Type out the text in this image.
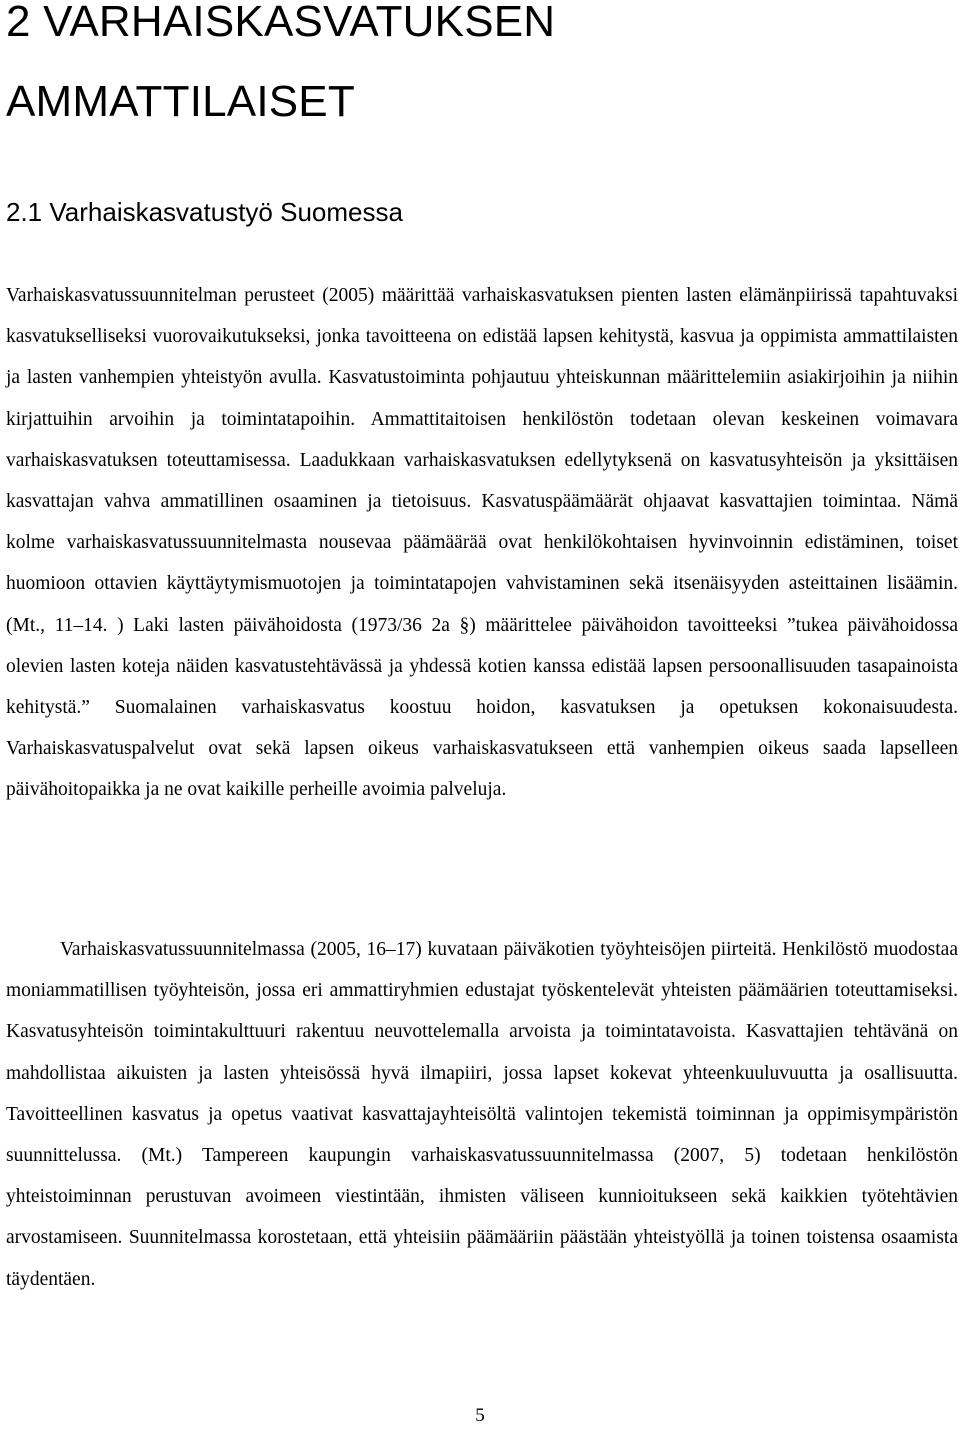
2 VARHAISKASVATUKSEN
AMMATTILAISET
2.1 Varhaiskasvatustyö Suomessa

Varhaiskasvatussuunnitelman perusteet (2005) määrittää varhaiskasvatuksen pienten lasten elämänpiirissä tapahtuvaksi kasvatukselliseksi vuorovaikutukseksi, jonka tavoitteena on edistää lapsen kehitystä, kasvua ja oppimista ammattilaisten ja lasten vanhempien yhteistyön avulla. Kasvatustoiminta pohjautuu yhteiskunnan määrittelemiin asiakirjoihin ja niihin kirjattuihin arvoihin ja toimintatapoihin. Ammattitaitoisen henkilöstön todetaan olevan keskeinen voimavara varhaiskasvatuksen toteuttamisessa. Laadukkaan varhaiskasvatuksen edellytyksenä on kasvatusyhteisön ja yksittäisen kasvattajan vahva ammatillinen osaaminen ja tietoisuus. Kasvatuspäämäärät ohjaavat kasvattajien toimintaa. Nämä kolme varhaiskasvatussuunnitelmasta nousevaa päämäärää ovat henkilökohtaisen hyvinvoinnin edistäminen, toiset huomioon ottavien käyttäytymismuotojen ja toimintatapojen vahvistaminen sekä itsenäisyyden asteittainen lisäämin. (Mt., 11–14. ) Laki lasten päivähoidosta (1973/36 2a §) määrittelee päivähoidon tavoitteeksi ”tukea päivähoidossa olevien lasten koteja näiden kasvatustehtävässä ja yhdessä kotien kanssa edistää lapsen persoonallisuuden tasapainoista kehitystä.” Suomalainen varhaiskasvatus koostuu hoidon, kasvatuksen ja opetuksen kokonaisuudesta. Varhaiskasvatuspalvelut ovat sekä lapsen oikeus varhaiskasvatukseen että vanhempien oikeus saada lapselleen päivähoitopaikka ja ne ovat kaikille perheille avoimia palveluja.

Varhaiskasvatussuunnitelmassa (2005, 16–17) kuvataan päiväkotien työyhteisöjen piirteitä. Henkilöstö muodostaa moniammatillisen työyhteisön, jossa eri ammattiryhmien edustajat työskentelevät yhteisten päämäärien toteuttamiseksi. Kasvatusyhteisön toimintakulttuuri rakentuu neuvottelemalla arvoista ja toimintatavoista. Kasvattajien tehtävänä on mahdollistaa aikuisten ja lasten yhteisössä hyvä ilmapiiri, jossa lapset kokevat yhteenkuuluvuutta ja osallisuutta. Tavoitteellinen kasvatus ja opetus vaativat kasvattajayhteisöltä valintojen tekemistä toiminnan ja oppimisympäristön suunnittelussa. (Mt.) Tampereen kaupungin varhaiskasvatussuunnitelmassa (2007, 5) todetaan henkilöstön yhteistoiminnan perustuvan avoimeen viestintään, ihmisten väliseen kunnioitukseen sekä kaikkien työtehtävien arvostamiseen. Suunnitelmassa korostetaan, että yhteisiin päämääriin päästään yhteistyöllä ja toinen toistensa osaamista täydentäen.

5
